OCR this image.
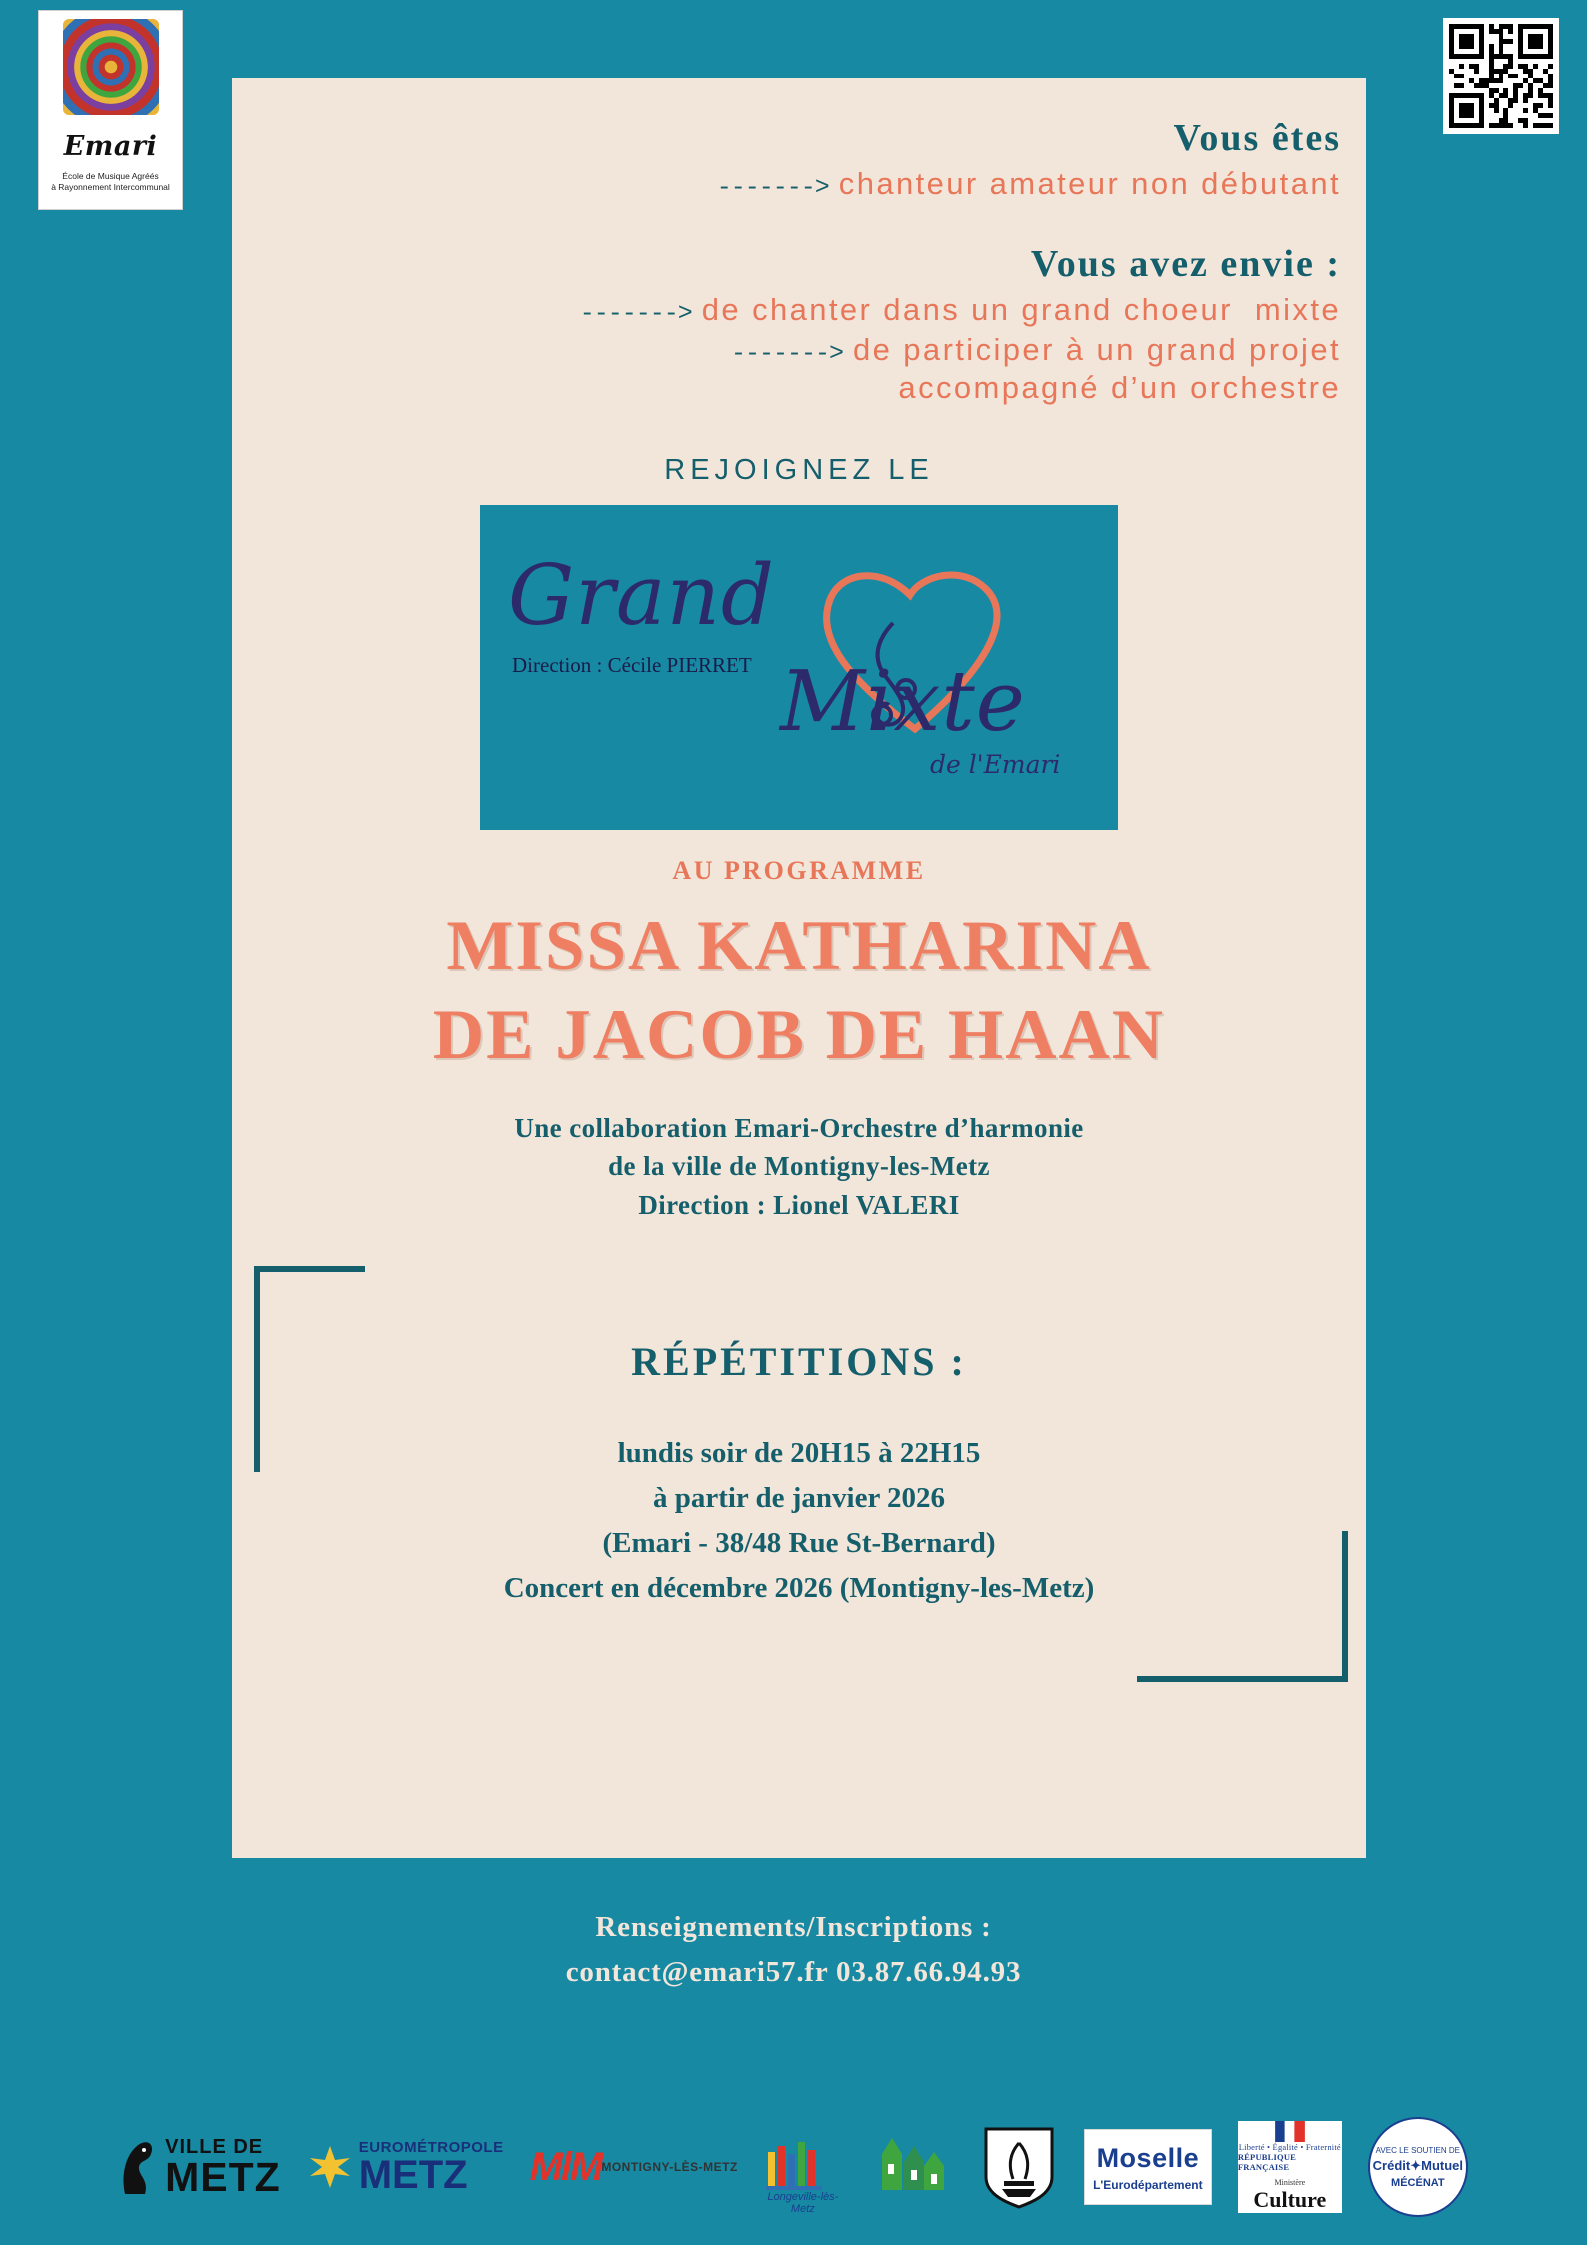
Emari
École de Musique Agréés
à Rayonnement Intercommunal
Vous êtes
-------> chanteur amateur non débutant
Vous avez envie :
-------> de chanter dans un grand choeur  mixte
-------> de participer à un grand projet
accompagné d’un orchestre
REJOIGNEZ LE
Grand
Direction : Cécile PIERRET Mixte
de l'Emari
AU PROGRAMME
MISSA KATHARINA
DE JACOB DE HAAN
Une collaboration Emari-Orchestre d’harmonie
de la ville de Montigny-les-Metz
Direction : Lionel VALERI
RÉPÉTITIONS :
lundis soir de 20H15 à 22H15
à partir de janvier 2026
(Emari - 38/48 Rue St-Bernard)
Concert en décembre 2026 (Montigny-les-Metz)
Renseignements/Inscriptions :
contact@emari57.fr 03.87.66.94.93
VILLE DE
METZ
EUROMÉTROPOLE
METZ	MlM MONTIGNY-LÈS-METZ
Longeville-lès-Metz
Moselle
L'Eurodépartement
Liberté • Égalité • Fraternité
RÉPUBLIQUE FRANÇAISE
Ministère
Culture
AVEC LE SOUTIEN DE
Crédit✦Mutuel
MÉCÉNAT
